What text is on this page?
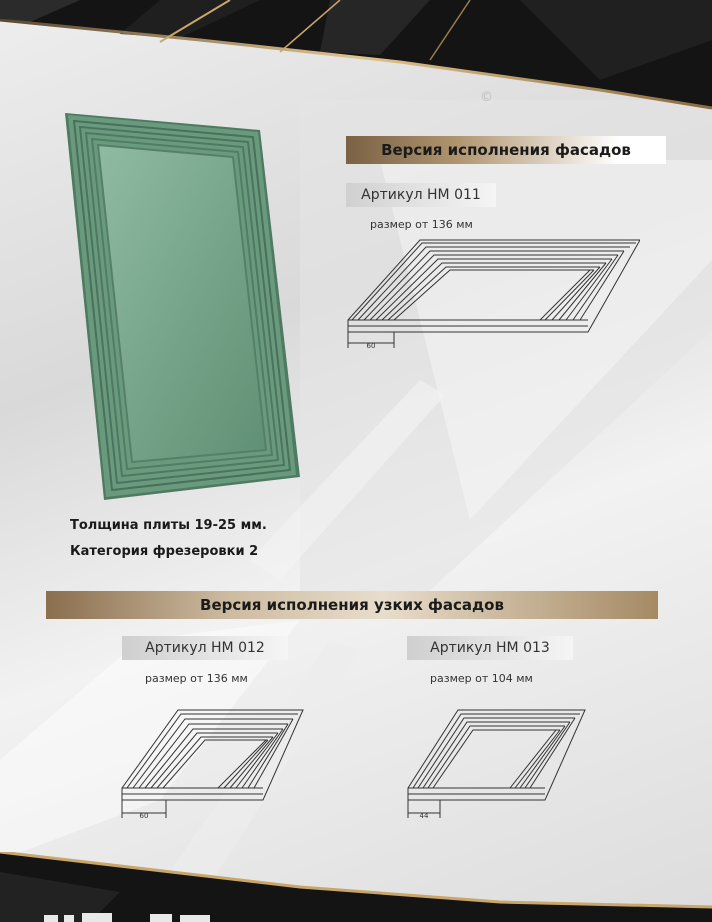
©
Версия исполнения фасадов
Артикул HM 011
размер от 136 мм
60
Толщина плиты 19-25 мм.
Категория фрезеровки 2
Версия исполнения узких фасадов
Артикул HM 012
размер от 136 мм
Артикул HM 013
размер от 104 мм
60	44
